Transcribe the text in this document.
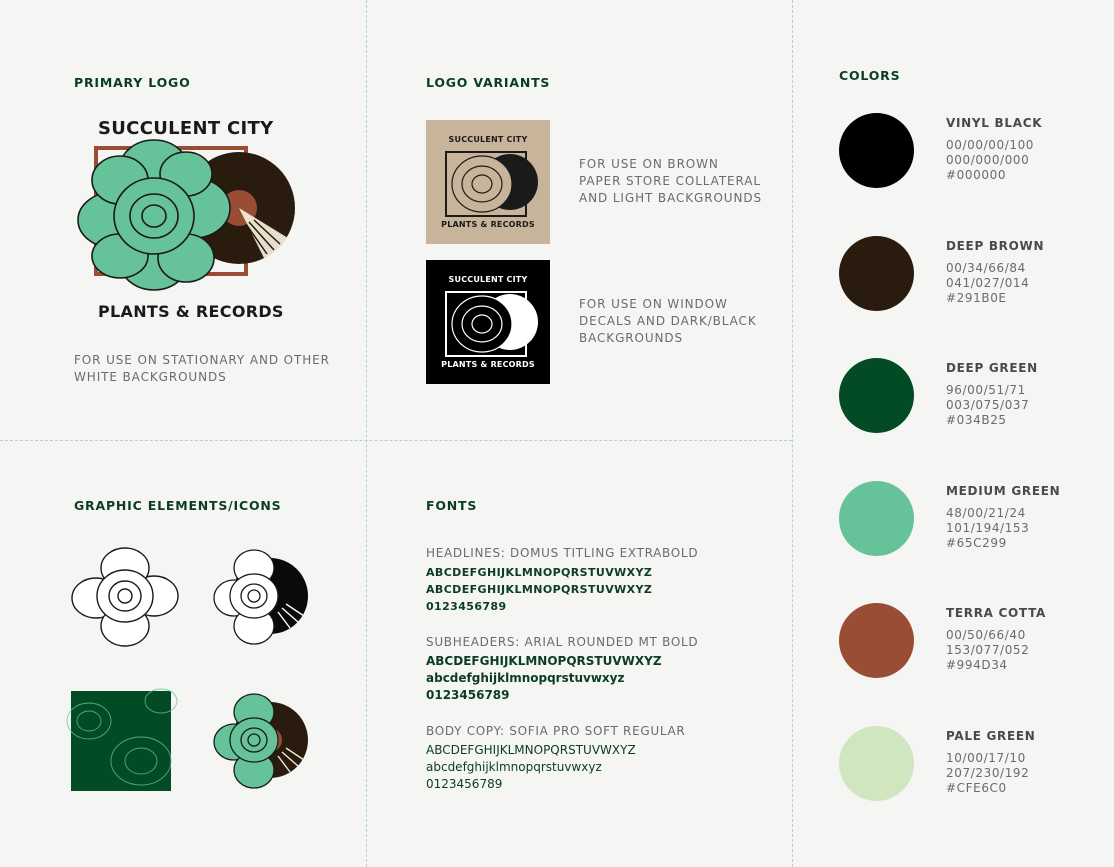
PRIMARY LOGO
SUCCULENT CITY
PLANTS & RECORDS
FOR USE ON STATIONARY AND OTHER
WHITE BACKGROUNDS
LOGO VARIANTS
SUCCULENT CITY
PLANTS & RECORDS
FOR USE ON BROWN
PAPER STORE COLLATERAL
AND LIGHT BACKGROUNDS
SUCCULENT CITY
PLANTS & RECORDS
FOR USE ON WINDOW
DECALS AND DARK/BLACK
BACKGROUNDS
GRAPHIC ELEMENTS/ICONS	FONTS
HEADLINES: DOMUS TITLING EXTRABOLD
ABCDEFGHIJKLMNOPQRSTUVWXYZ
ABCDEFGHIJKLMNOPQRSTUVWXYZ
0123456789
SUBHEADERS: ARIAL ROUNDED MT BOLD
ABCDEFGHIJKLMNOPQRSTUVWXYZ
abcdefghijklmnopqrstuvwxyz
0123456789
BODY COPY: SOFIA PRO SOFT REGULAR
ABCDEFGHIJKLMNOPQRSTUVWXYZ
abcdefghijklmnopqrstuvwxyz
0123456789
COLORS
VINYL BLACK
00/00/00/100
000/000/000
#000000
DEEP BROWN
00/34/66/84
041/027/014
#291B0E
DEEP GREEN
96/00/51/71
003/075/037
#034B25
MEDIUM GREEN
48/00/21/24
101/194/153
#65C299
TERRA COTTA
00/50/66/40
153/077/052
#994D34
PALE GREEN
10/00/17/10
207/230/192
#CFE6C0
